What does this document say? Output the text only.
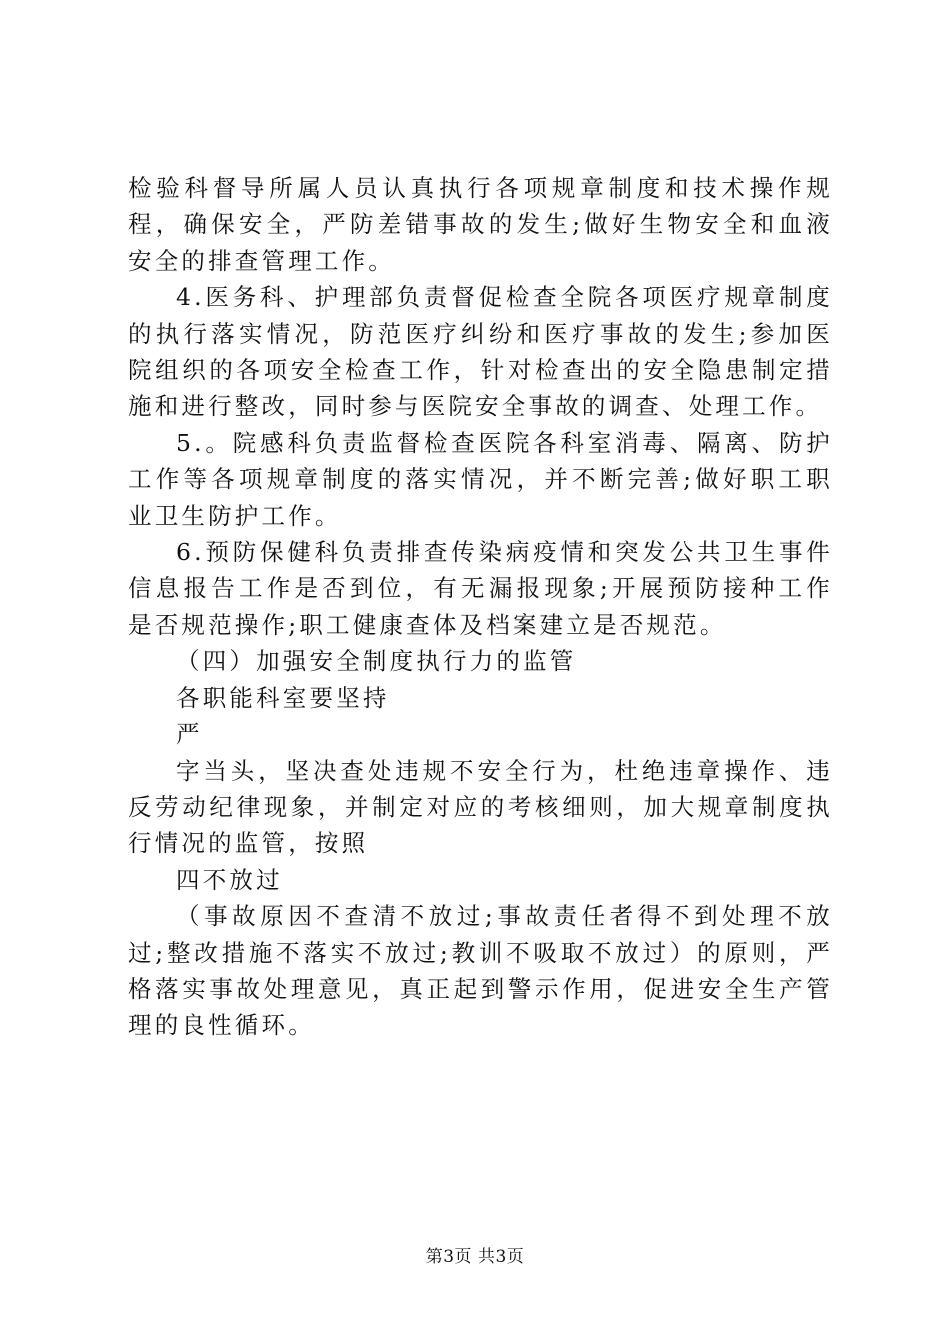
检验科督导所属人员认真执行各项规章制度和技术操作规程，确保安全，严防差错事故的发生;做好生物安全和血液安全的排查管理工作。

4.医务科、护理部负责督促检查全院各项医疗规章制度的执行落实情况，防范医疗纠纷和医疗事故的发生;参加医院组织的各项安全检查工作，针对检查出的安全隐患制定措施和进行整改，同时参与医院安全事故的调查、处理工作。

5.。院感科负责监督检查医院各科室消毒、隔离、防护工作等各项规章制度的落实情况，并不断完善;做好职工职业卫生防护工作。

6.预防保健科负责排查传染病疫情和突发公共卫生事件信息报告工作是否到位，有无漏报现象;开展预防接种工作是否规范操作;职工健康查体及档案建立是否规范。

（四）加强安全制度执行力的监管

各职能科室要坚持

严

字当头，坚决查处违规不安全行为，杜绝违章操作、违反劳动纪律现象，并制定对应的考核细则，加大规章制度执行情况的监管，按照

四不放过

（事故原因不查清不放过;事故责任者得不到处理不放过;整改措施不落实不放过;教训不吸取不放过）的原则，严格落实事故处理意见，真正起到警示作用，促进安全生产管理的良性循环。

第3页 共3页
